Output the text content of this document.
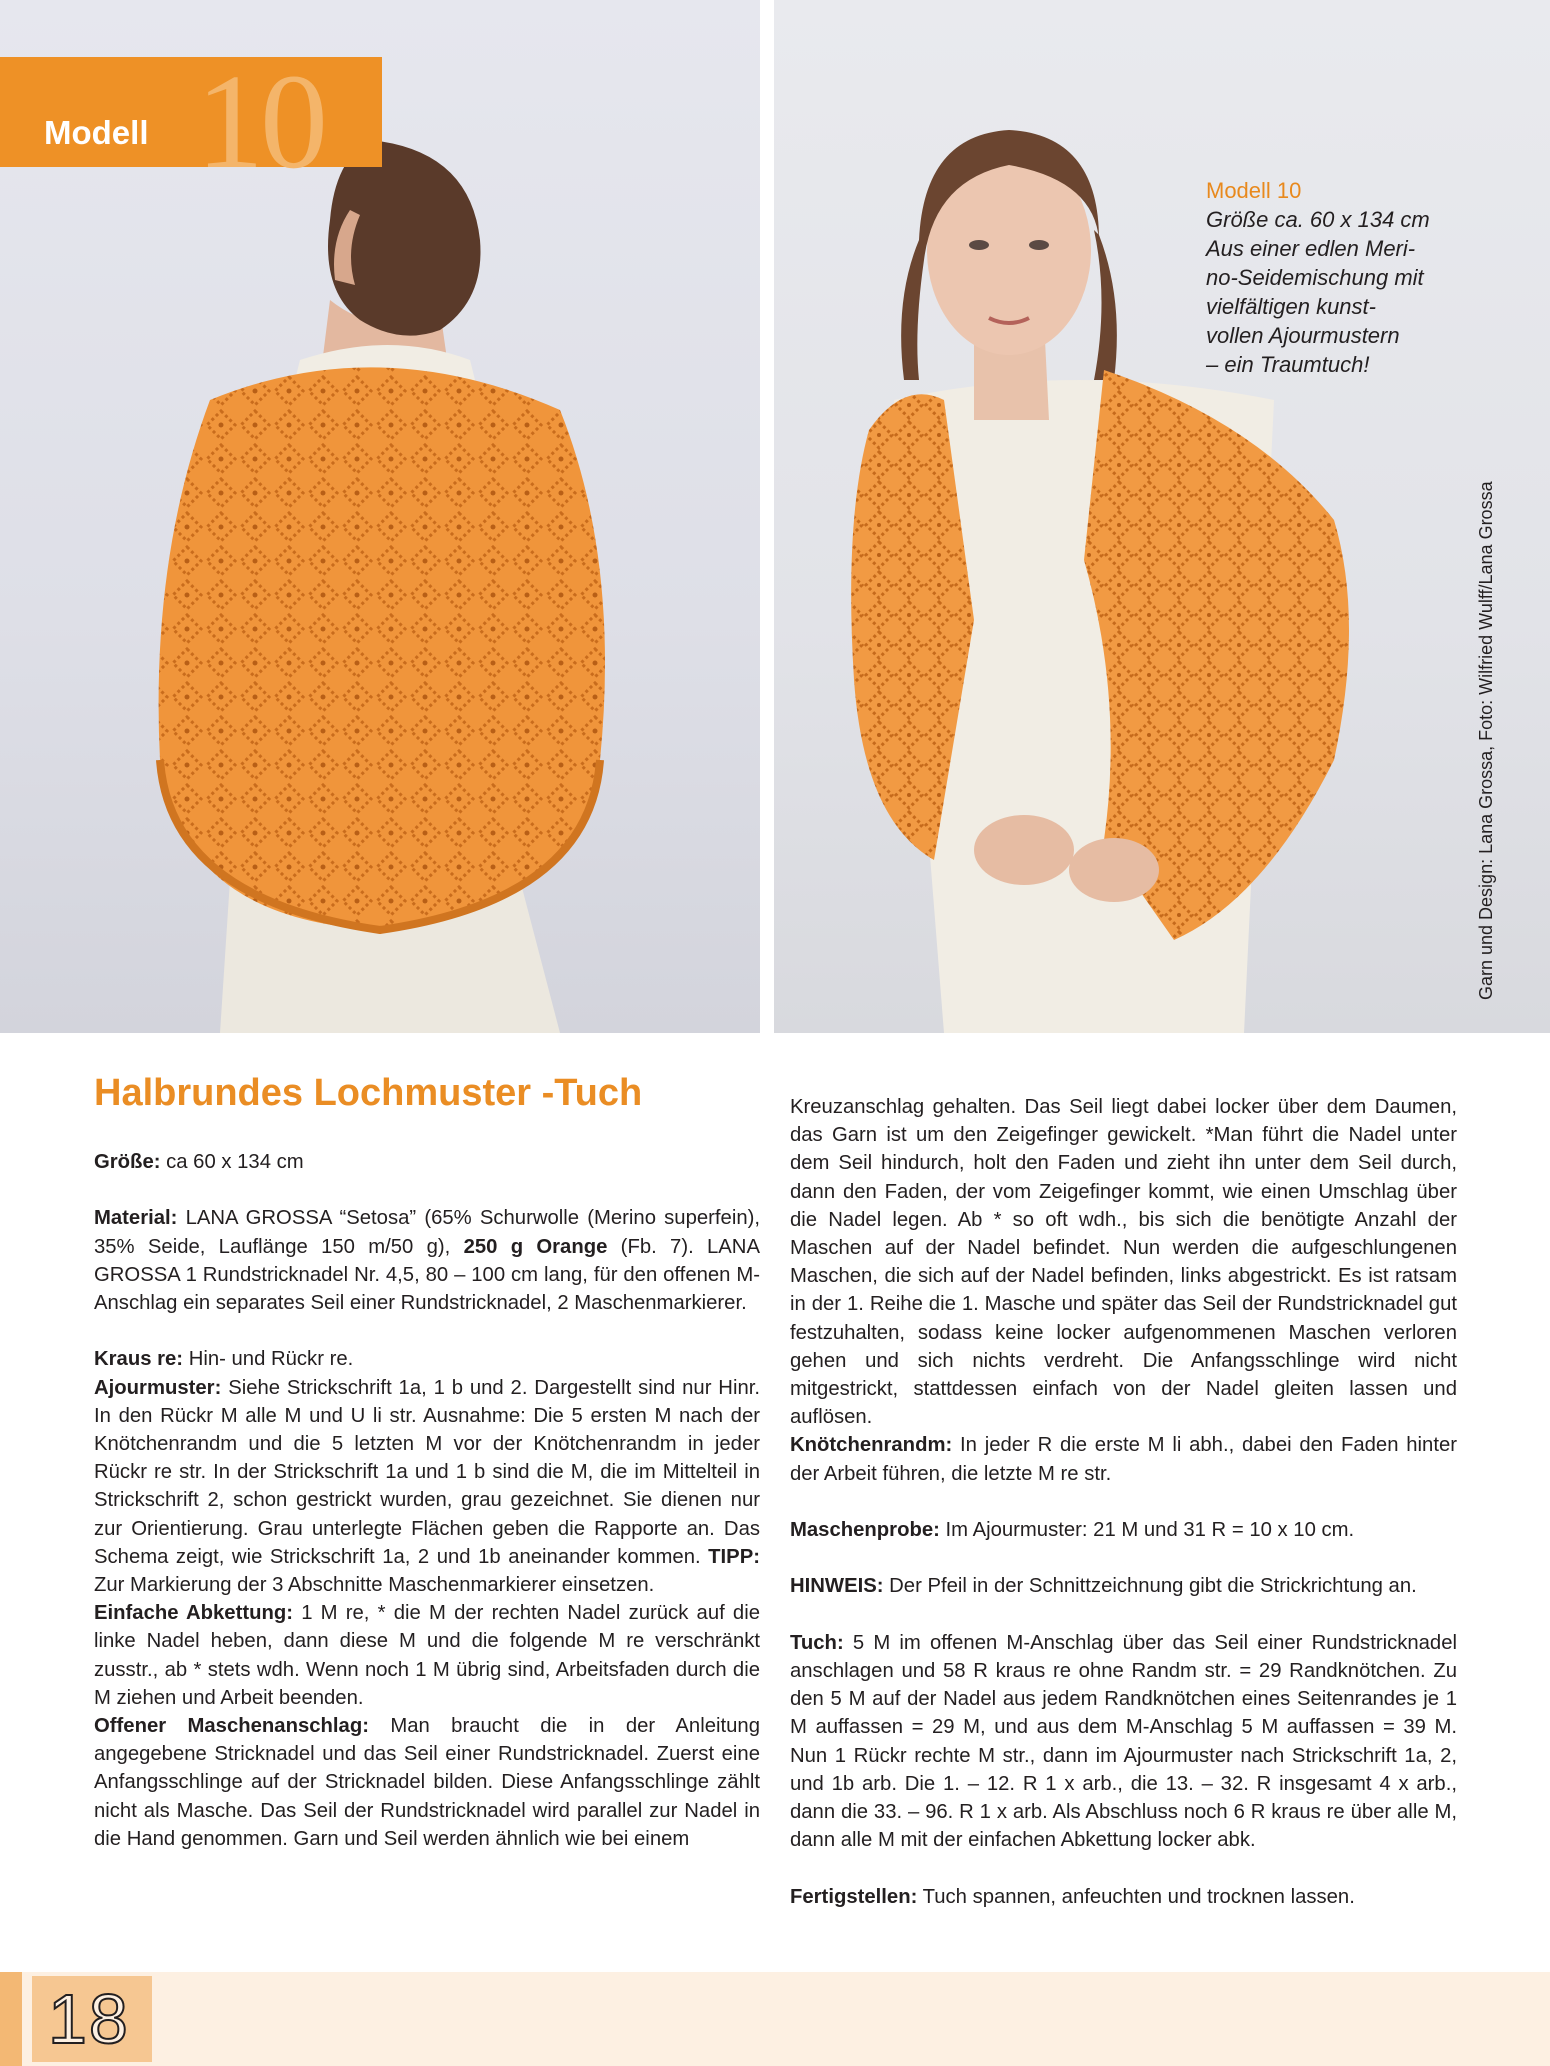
Modell 10	Modell 10
Größe ca. 60 x 134 cm
Aus einer edlen Meri-
no-Seidemischung mit
vielfältigen kunst-
vollen Ajourmustern
– ein Traumtuch!
Garn und Design: Lana Grossa, Foto: Wilfried Wulff/Lana Grossa
Halbrundes Lochmuster -Tuch

Größe: ca 60 x 134 cm

Material: LANA GROSSA “Setosa” (65% Schurwolle (Merino superfein), 35% Seide, Lauflänge 150 m/50 g), 250 g Orange (Fb. 7). LANA GROSSA 1 Rundstricknadel Nr. 4,5, 80 – 100 cm lang, für den offenen M-Anschlag ein separates Seil einer Rundstricknadel, 2 Maschenmarkierer.

Kraus re: Hin- und Rückr re.

Ajourmuster: Siehe Strickschrift 1a, 1 b und 2. Dargestellt sind nur Hinr. In den Rückr M alle M und U li str. Ausnahme: Die 5 ersten M nach der Knötchenrandm und die 5 letzten M vor der Knötchenrandm in jeder Rückr re str. In der Strickschrift 1a und 1 b sind die M, die im Mittelteil in Strickschrift 2, schon gestrickt wurden, grau gezeichnet. Sie dienen nur zur Orientierung. Grau unterlegte Flächen geben die Rapporte an. Das Schema zeigt, wie Strickschrift 1a, 2 und 1b aneinander kommen. TIPP: Zur Markierung der 3 Abschnitte Maschenmarkierer einsetzen.

Einfache Abkettung: 1 M re, * die M der rechten Nadel zurück auf die linke Nadel heben, dann diese M und die folgende M re verschränkt zusstr., ab * stets wdh. Wenn noch 1 M übrig sind, Arbeitsfaden durch die M ziehen und Arbeit beenden.

Offener Maschenanschlag: Man braucht die in der Anleitung angegebene Stricknadel und das Seil einer Rundstricknadel. Zuerst eine Anfangsschlinge auf der Stricknadel bilden. Diese Anfangsschlinge zählt nicht als Masche. Das Seil der Rundstricknadel wird parallel zur Nadel in die Hand genommen. Garn und Seil werden ähnlich wie bei einem

Kreuzanschlag gehalten. Das Seil liegt dabei locker über dem Daumen, das Garn ist um den Zeigefinger gewickelt. *Man führt die Nadel unter dem Seil hindurch, holt den Faden und zieht ihn unter dem Seil durch, dann den Faden, der vom Zeigefinger kommt, wie einen Umschlag über die Nadel legen. Ab * so oft wdh., bis sich die benötigte Anzahl der Maschen auf der Nadel befindet. Nun werden die aufgeschlungenen Maschen, die sich auf der Nadel befinden, links abgestrickt. Es ist ratsam in der 1. Reihe die 1. Masche und später das Seil der Rundstricknadel gut festzuhalten, sodass keine locker aufgenommenen Maschen verloren gehen und sich nichts verdreht. Die Anfangsschlinge wird nicht mitgestrickt, stattdessen einfach von der Nadel gleiten lassen und auflösen.

Knötchenrandm: In jeder R die erste M li abh., dabei den Faden hinter der Arbeit führen, die letzte M re str.

Maschenprobe: Im Ajourmuster: 21 M und 31 R = 10 x 10 cm.

HINWEIS: Der Pfeil in der Schnittzeichnung gibt die Strickrichtung an.

Tuch: 5 M im offenen M-Anschlag über das Seil einer Rundstricknadel anschlagen und 58 R kraus re ohne Randm str. = 29 Randknötchen. Zu den 5 M auf der Nadel aus jedem Randknötchen eines Seitenrandes je 1 M auffassen = 29 M, und aus dem M-Anschlag 5 M auffassen = 39 M. Nun 1 Rückr rechte M str., dann im Ajourmuster nach Strickschrift 1a, 2, und 1b arb. Die 1. – 12. R 1 x arb., die 13. – 32. R insgesamt 4 x arb., dann die 33. – 96. R 1 x arb. Als Abschluss noch 6 R kraus re über alle M, dann alle M mit der einfachen Abkettung locker abk.

Fertigstellen: Tuch spannen, anfeuchten und trocknen lassen.

18
